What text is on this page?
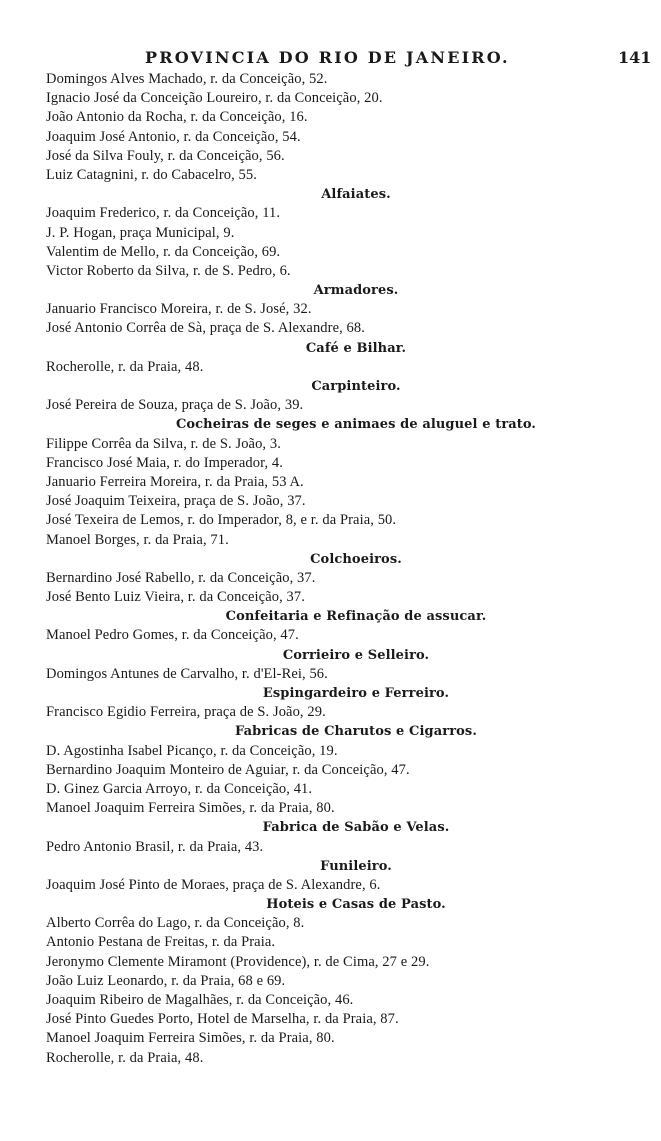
PROVINCIA DO RIO DE JANEIRO.	141
Domingos Alves Machado, r. da Conceição, 52.
Ignacio José da Conceição Loureiro, r. da Conceição, 20.
João Antonio da Rocha, r. da Conceição, 16.
Joaquim José Antonio, r. da Conceição, 54.
José da Silva Fouly, r. da Conceição, 56.
Luiz Catagnini, r. do Cabacelro, 55.
Alfaiates.
Joaquim Frederico, r. da Conceição, 11.
J. P. Hogan, praça Municipal, 9.
Valentim de Mello, r. da Conceição, 69.
Victor Roberto da Silva, r. de S. Pedro, 6.
Armadores.
Januario Francisco Moreira, r. de S. José, 32.
José Antonio Corrêa de Sà, praça de S. Alexandre, 68.
Café e Bilhar.
Rocherolle, r. da Praia, 48.
Carpinteiro.
José Pereira de Souza, praça de S. João, 39.
Cocheiras de seges e animaes de aluguel e trato.
Filippe Corrêa da Silva, r. de S. João, 3.
Francisco José Maia, r. do Imperador, 4.
Januario Ferreira Moreira, r. da Praia, 53 A.
José Joaquim Teixeira, praça de S. João, 37.
José Texeira de Lemos, r. do Imperador, 8, e r. da Praia, 50.
Manoel Borges, r. da Praia, 71.
Colchoeiros.
Bernardino José Rabello, r. da Conceição, 37.
José Bento Luiz Vieira, r. da Conceição, 37.
Confeitaria e Refinação de assucar.
Manoel Pedro Gomes, r. da Conceição, 47.
Corrieiro e Selleiro.
Domingos Antunes de Carvalho, r. d'El-Rei, 56.
Espingardeiro e Ferreiro.
Francisco Egidio Ferreira, praça de S. João, 29.
Fabricas de Charutos e Cigarros.
D. Agostinha Isabel Picanço, r. da Conceição, 19.
Bernardino Joaquim Monteiro de Aguiar, r. da Conceição, 47.
D. Ginez Garcia Arroyo, r. da Conceição, 41.
Manoel Joaquim Ferreira Simões, r. da Praia, 80.
Fabrica de Sabão e Velas.
Pedro Antonio Brasil, r. da Praia, 43.
Funileiro.
Joaquim José Pinto de Moraes, praça de S. Alexandre, 6.
Hoteis e Casas de Pasto.
Alberto Corrêa do Lago, r. da Conceição, 8.
Antonio Pestana de Freitas, r. da Praia.
Jeronymo Clemente Miramont (Providence), r. de Cima, 27 e 29.
João Luiz Leonardo, r. da Praia, 68 e 69.
Joaquim Ribeiro de Magalhães, r. da Conceição, 46.
José Pinto Guedes Porto, Hotel de Marselha, r. da Praia, 87.
Manoel Joaquim Ferreira Simões, r. da Praia, 80.
Rocherolle, r. da Praia, 48.
